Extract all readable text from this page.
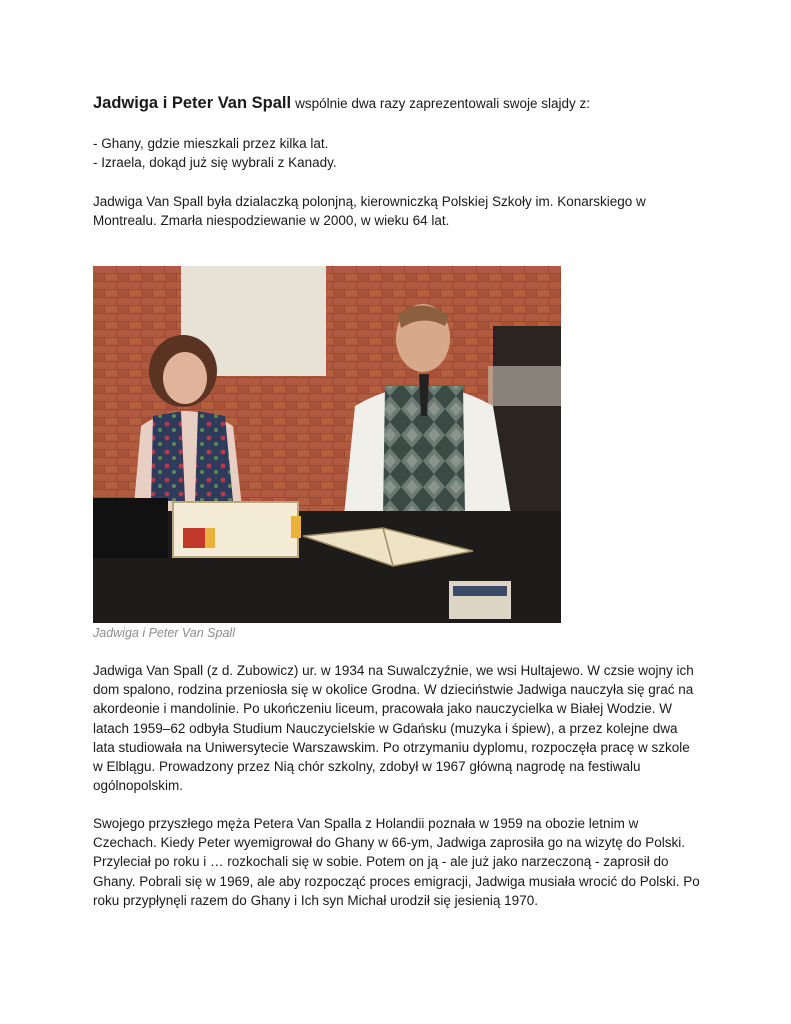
Jadwiga i Peter Van Spall wspólnie dwa razy zaprezentowali swoje slajdy z:
- Ghany, gdzie mieszkali przez kilka lat.
- Izraela, dokąd już się wybrali z Kanady.
Jadwiga Van Spall była dzialaczką polonjną, kierowniczką Polskiej Szkoły im. Konarskiego w Montrealu. Zmarła niespodziewanie w 2000, w wieku 64 lat.
Jadwiga i Peter Van Spall
Jadwiga Van Spall (z d. Zubowicz) ur. w 1934 na Suwalczyźnie, we wsi Hultajewo. W czsie wojny ich dom spalono, rodzina przeniosła się w okolice Grodna. W dzieciństwie Jadwiga nauczyła się grać na akordeonie i mandolinie. Po ukończeniu liceum, pracowała jako nauczycielka w Białej Wodzie. W latach 1959–62 odbyła Studium Nauczycielskie w Gdańsku (muzyka i śpiew), a przez kolejne dwa lata studiowała na Uniwersytecie Warszawskim. Po otrzymaniu dyplomu, rozpoczęła pracę w szkole w Elblągu. Prowadzony przez Nią chór szkolny, zdobył w 1967 główną nagrodę na festiwalu ogólnopolskim.
Swojego przyszłego męża Petera Van Spalla z Holandii poznała w 1959 na obozie letnim w Czechach. Kiedy Peter wyemigrował do Ghany w 66-ym, Jadwiga zaprosiła go na wizytę do Polski. Przyleciał po roku i … rozkochali się w sobie. Potem on ją - ale już jako narzeczoną - zaprosił do Ghany. Pobrali się w 1969, ale aby rozpocząć proces emigracji, Jadwiga musiała wrocić do Polski. Po roku przypłynęli razem do Ghany i Ich syn Michał urodził się jesienią 1970.
